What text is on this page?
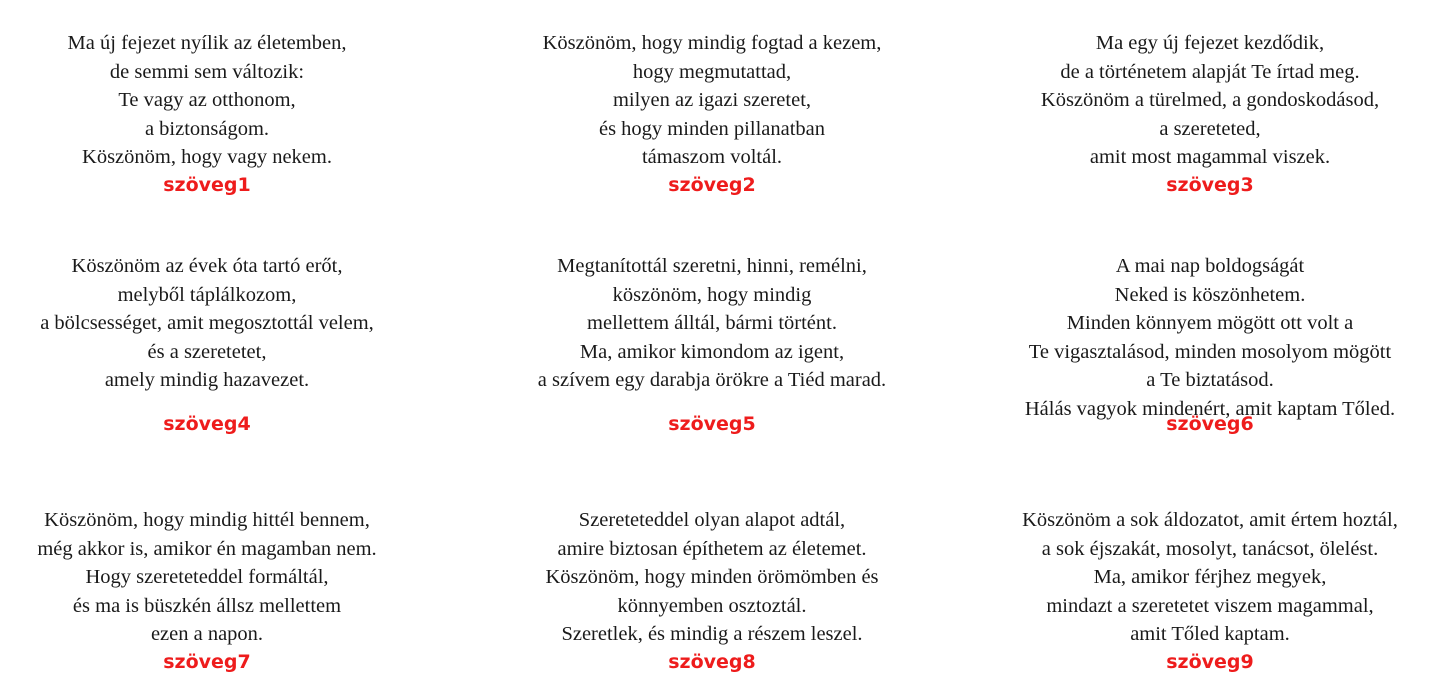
Ma új fejezet nyílik az életemben,
de semmi sem változik:
Te vagy az otthonom,
a biztonságom.
Köszönöm, hogy vagy nekem.
szöveg1
Köszönöm, hogy mindig fogtad a kezem,
hogy megmutattad,
milyen az igazi szeretet,
és hogy minden pillanatban
támaszom voltál.
szöveg2
Ma egy új fejezet kezdődik,
de a történetem alapját Te írtad meg.
Köszönöm a türelmed, a gondoskodásod,
a szereteted,
amit most magammal viszek.
szöveg3
Köszönöm az évek óta tartó erőt,
melyből táplálkozom,
a bölcsességet, amit megosztottál velem,
és a szeretetet,
amely mindig hazavezet.
szöveg4
Megtanítottál szeretni, hinni, remélni,
köszönöm, hogy mindig
mellettem álltál, bármi történt.
Ma, amikor kimondom az igent,
a szívem egy darabja örökre a Tiéd marad.
szöveg5
A mai nap boldogságát
Neked is köszönhetem.
Minden könnyem mögött ott volt a
Te vigasztalásod, minden mosolyom mögött
a Te biztatásod.
Hálás vagyok mindenért, amit kaptam Tőled.
szöveg6
Köszönöm, hogy mindig hittél bennem,
még akkor is, amikor én magamban nem.
Hogy szereteteddel formáltál,
és ma is büszkén állsz mellettem
ezen a napon.
szöveg7
Szereteteddel olyan alapot adtál,
amire biztosan építhetem az életemet.
Köszönöm, hogy minden örömömben és
könnyemben osztoztál.
Szeretlek, és mindig a részem leszel.
szöveg8
Köszönöm a sok áldozatot, amit értem hoztál,
a sok éjszakát, mosolyt, tanácsot, ölelést.
Ma, amikor férjhez megyek,
mindazt a szeretetet viszem magammal,
amit Tőled kaptam.
szöveg9
